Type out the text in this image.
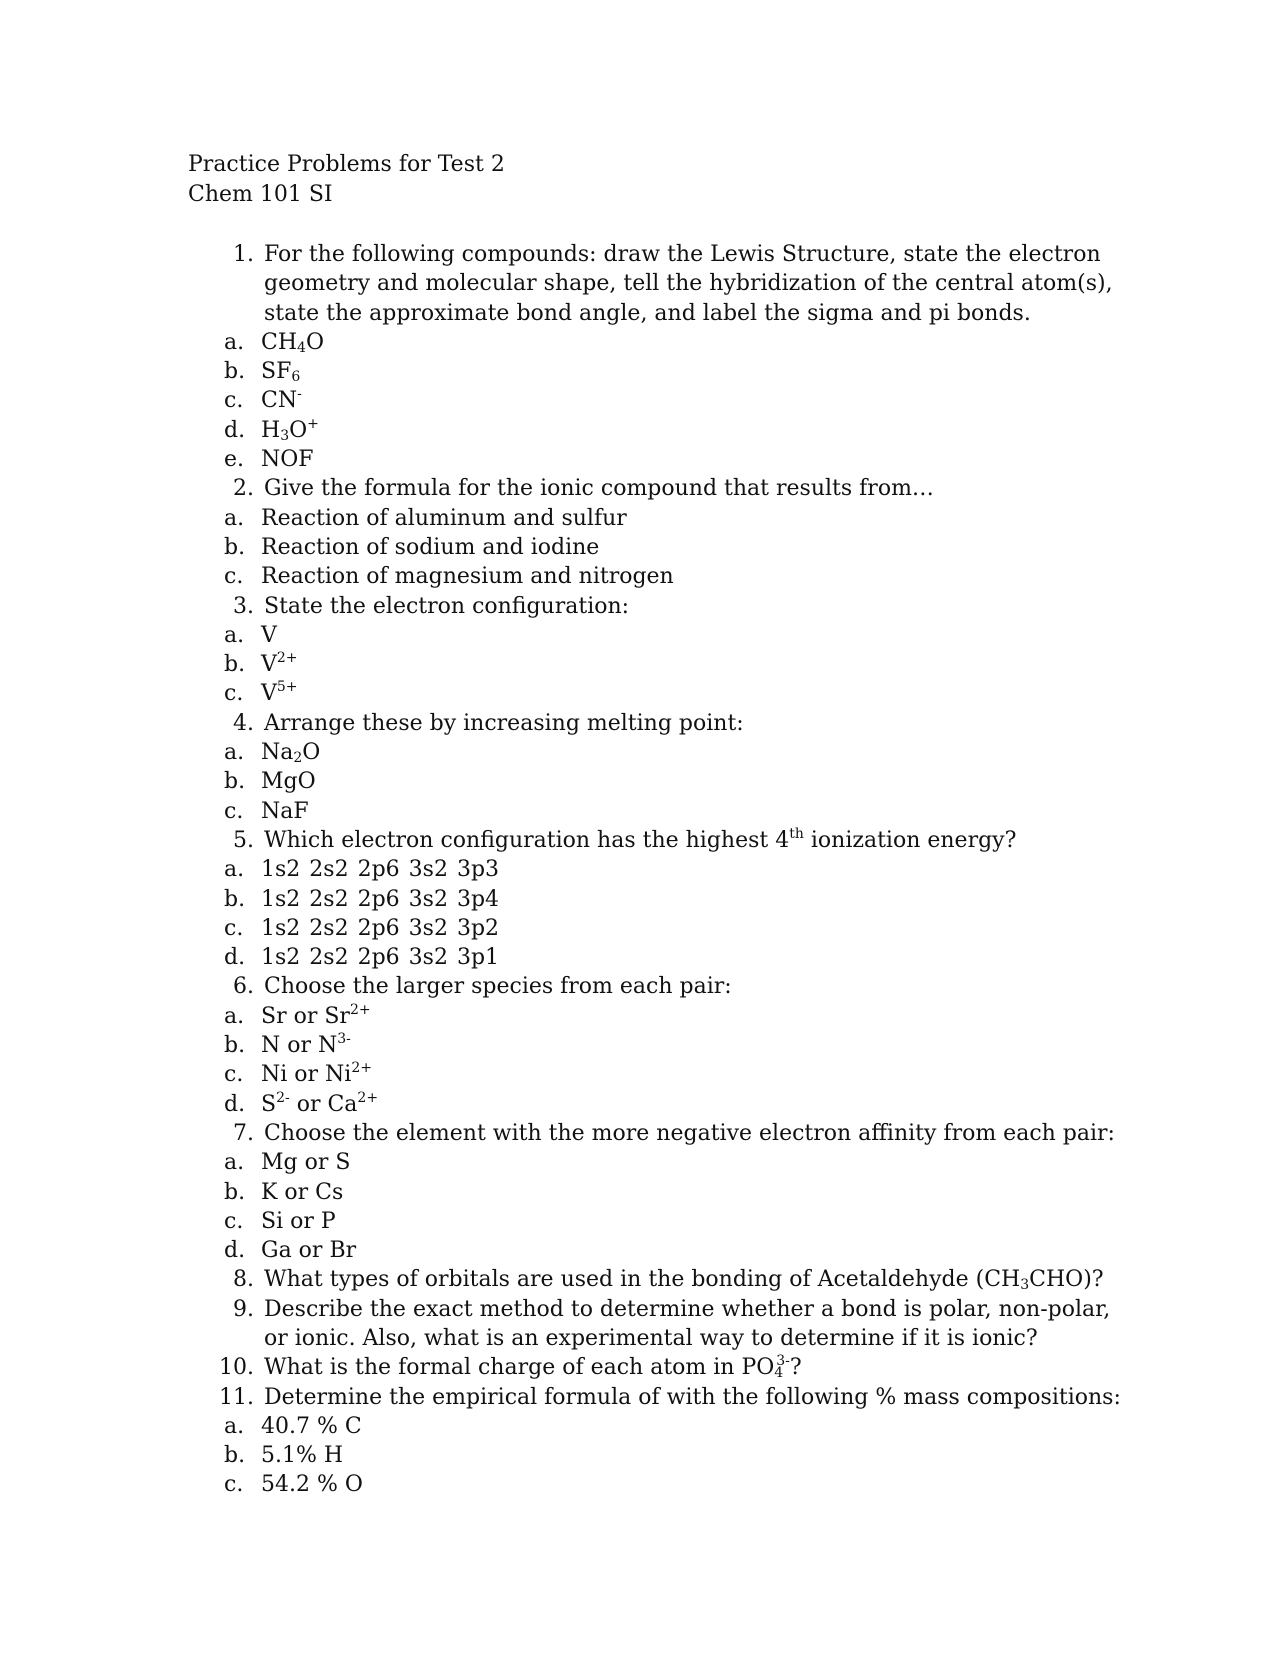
Practice Problems for Test 2
Chem 101 SI
1. For the following compounds: draw the Lewis Structure, state the electron
geometry and molecular shape, tell the hybridization of the central atom(s),
state the approximate bond angle, and label the sigma and pi bonds.
a. $CH_4O$
b. $SF_6$
c. CN-
d. $H_3O^+$
e. NOF
2. Give the formula for the ionic compound that results from…
a. Reaction of aluminum and sulfur
b. Reaction of sodium and iodine
c. Reaction of magnesium and nitrogen
3. State the electron configuration:
a. V
b. $V^{2+}$
c. $V^{5+}$
4. Arrange these by increasing melting point:
a. $Na_2O$
b. MgO
c. NaF
5. Which electron configuration has the highest 4th ionization energy?
a. 1s2 2s2 2p6 3s2 3p3
b. 1s2 2s2 2p6 3s2 3p4
c. 1s2 2s2 2p6 3s2 3p2
d. 1s2 2s2 2p6 3s2 3p1
6. Choose the larger species from each pair:
a. Sr or $Sr^{2+}$
b. N or $N^{3-}$
c. Ni or $Ni^{2+}$
d. $S^{2-}$ or $Ca^{2+}$
7. Choose the element with the more negative electron affinity from each pair:
a. Mg or S
b. K or Cs
c. Si or P
d. Ga or Br
8. What types of orbitals are used in the bonding of Acetaldehyde $(CH_3CHO)$?
9. Describe the exact method to determine whether a bond is polar, non-polar,
or ionic. Also, what is an experimental way to determine if it is ionic?
10. What is the formal charge of each atom in $PO_4^{3-}$?
11. Determine the empirical formula of with the following % mass compositions:
a. 40.7 % C
b. 5.1% H
c. 54.2 % O
